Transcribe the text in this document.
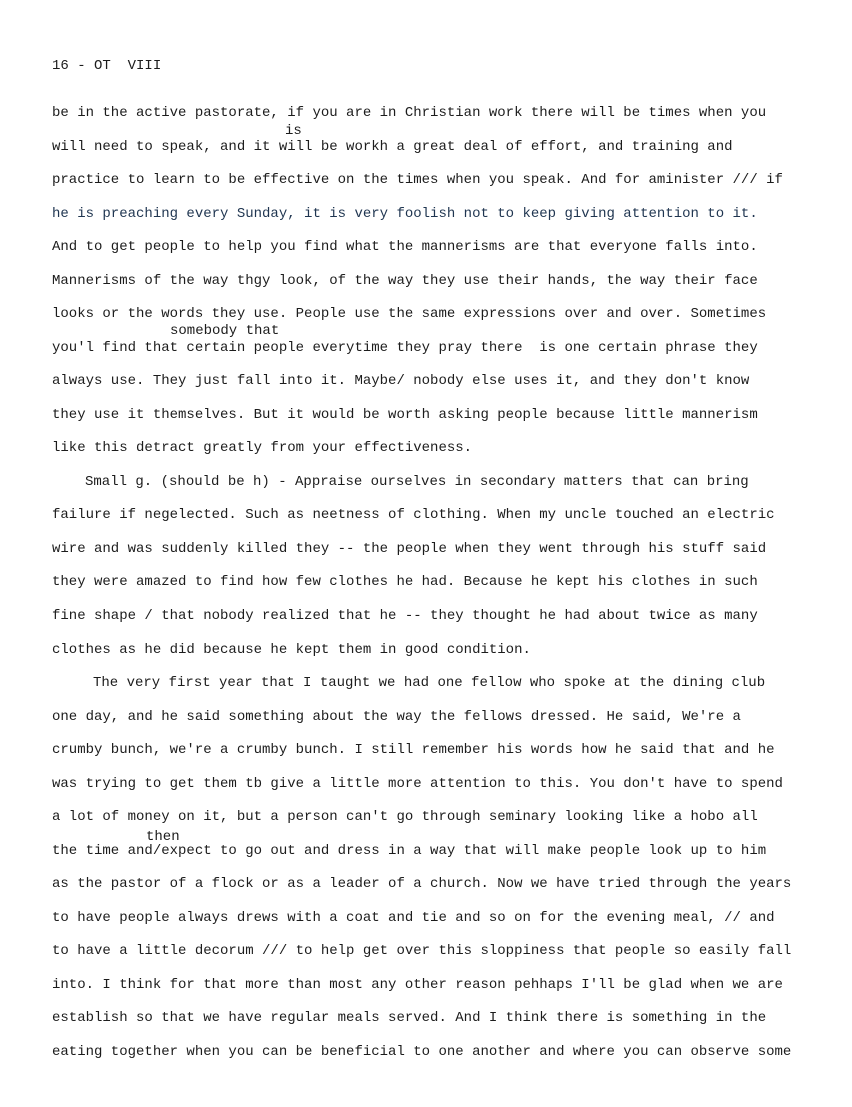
16 - OT  VIII
is
somebody that
then
be in the active pastorate, if you are in Christian work there will be times when you
will need to speak, and it will be workh a great deal of effort, and training and
practice to learn to be effective on the times when you speak. And for aminister /// if
he is preaching every Sunday, it is very foolish not to keep giving attention to it.
And to get people to help you find what the mannerisms are that everyone falls into.
Mannerisms of the way thgy look, of the way they use their hands, the way their face
looks or the words they use. People use the same expressions over and over. Sometimes
you'l find that certain people everytime they pray there  is one certain phrase they
always use. They just fall into it. Maybe/ nobody else uses it, and they don't know
they use it themselves. But it would be worth asking people because little mannerism
like this detract greatly from your effectiveness.
Small g. (should be h) - Appraise ourselves in secondary matters that can bring
failure if negelected. Such as neetness of clothing. When my uncle touched an electric
wire and was suddenly killed they -- the people when they went through his stuff said
they were amazed to find how few clothes he had. Because he kept his clothes in such
fine shape / that nobody realized that he -- they thought he had about twice as many
clothes as he did because he kept them in good condition.
The very first year that I taught we had one fellow who spoke at the dining club
one day, and he said something about the way the fellows dressed. He said, We're a
crumby bunch, we're a crumby bunch. I still remember his words how he said that and he
was trying to get them tb give a little more attention to this. You don't have to spend
a lot of money on it, but a person can't go through seminary looking like a hobo all
the time and/expect to go out and dress in a way that will make people look up to him
as the pastor of a flock or as a leader of a church. Now we have tried through the years
to have people always drews with a coat and tie and so on for the evening meal, // and
to have a little decorum /// to help get over this sloppiness that people so easily fall
into. I think for that more than most any other reason pehhaps I'll be glad when we are
establish so that we have regular meals served. And I think there is something in the
eating together when you can be beneficial to one another and where you can observe some
